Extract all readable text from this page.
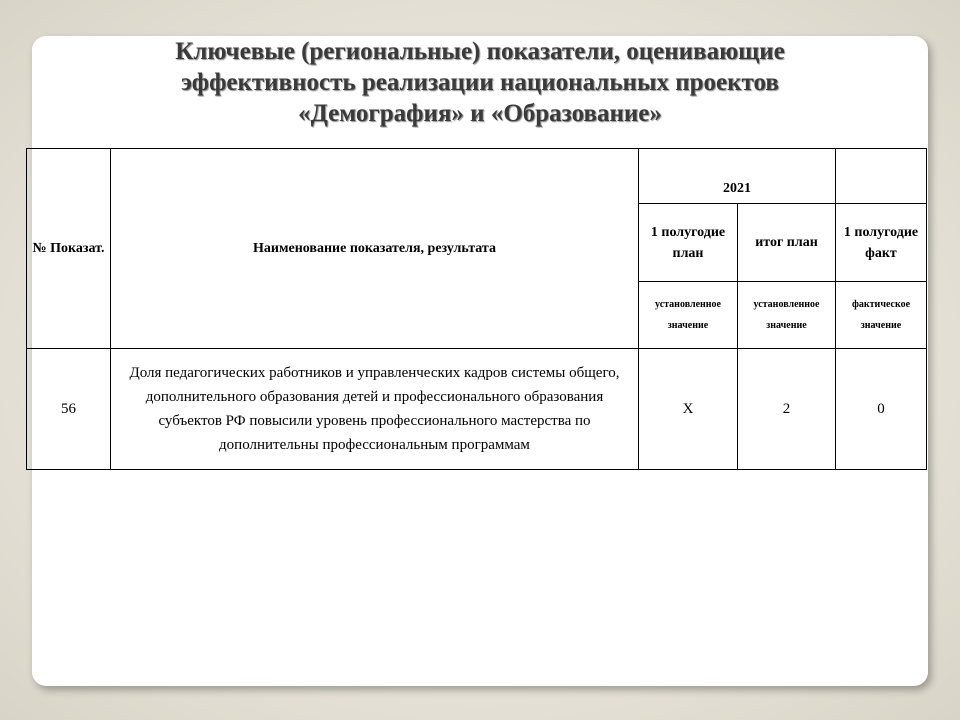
Ключевые (региональные) показатели, оценивающие
эффективность реализации национальных проектов
«Демография» и «Образование»
№ Показат.	Наименование показателя, результата	2021		
		1 полугодие план	итог план	1 полугодие факт
		установленное значение	установленное значение	фактическое значение
56	Доля педагогических работников и управленческих кадров системы общего, дополнительного образования детей и профессионального образования субъектов РФ повысили уровень профессионального мастерства по дополнительны профессиональным программам	Х	2	0
